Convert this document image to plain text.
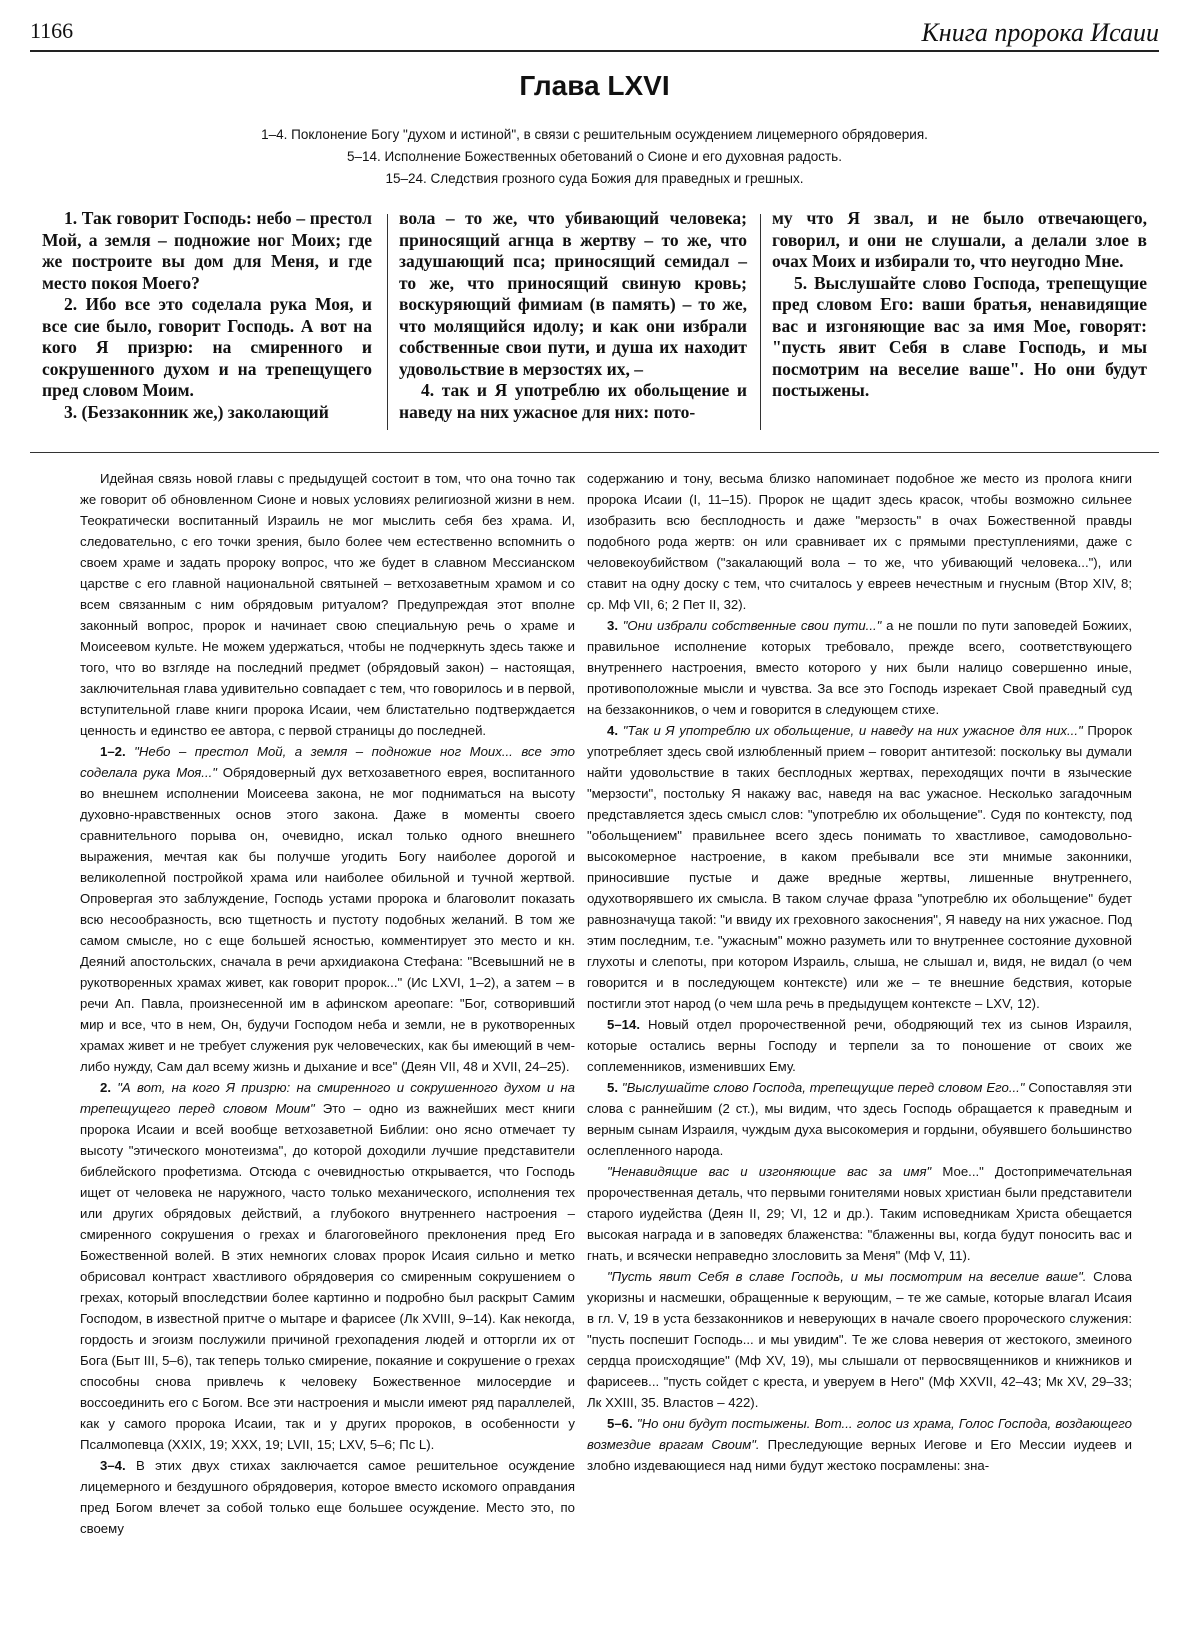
1166	Книга пророка Исаии
Глава LXVI
1–4. Поклонение Богу "духом и истиной", в связи с решительным осуждением лицемерного обрядоверия.
5–14. Исполнение Божественных обетований о Сионе и его духовная радость.
15–24. Следствия грозного суда Божия для праведных и грешных.

1. Так говорит Господь: небо – престол Мой, а земля – подножие ног Моих; где же построите вы дом для Меня, и где место покоя Моего?

2. Ибо все это соделала рука Моя, и все сие было, говорит Господь. А вот на кого Я призрю: на смиренного и сокрушенного духом и на трепещущего пред словом Моим.

3. (Беззаконник же,) заколающий

вола – то же, что убивающий человека; приносящий агнца в жертву – то же, что задушающий пса; приносящий семидал – то же, что приносящий свиную кровь; воскуряющий фимиам (в память) – то же, что молящийся идолу; и как они избрали собственные свои пути, и душа их находит удовольствие в мерзостях их, –

4. так и Я употреблю их обольщение и наведу на них ужасное для них: пото-

му что Я звал, и не было отвечающего, говорил, и они не слушали, а делали злое в очах Моих и избирали то, что неугодно Мне.

5. Выслушайте слово Господа, трепещущие пред словом Его: ваши братья, ненавидящие вас и изгоняющие вас за имя Мое, говорят: "пусть явит Себя в славе Господь, и мы посмотрим на веселие ваше". Но они будут постыжены.

Идейная связь новой главы с предыдущей состоит в том, что она точно так же говорит об обновленном Сионе и новых условиях религиозной жизни в нем. Теократически воспитанный Израиль не мог мыслить себя без храма. И, следовательно, с его точки зрения, было более чем естественно вспомнить о своем храме и задать пророку вопрос, что же будет в славном Мессианском царстве с его главной национальной святыней – ветхозаветным храмом и со всем связанным с ним обрядовым ритуалом? Предупреждая этот вполне законный вопрос, пророк и начинает свою специальную речь о храме и Моисеевом культе. Не можем удержаться, чтобы не подчеркнуть здесь также и того, что во взгляде на последний предмет (обрядовый закон) – настоящая, заключительная глава удивительно совпадает с тем, что говорилось и в первой, вступительной главе книги пророка Исаии, чем блистательно подтверждается ценность и единство ее автора, с первой страницы до последней.

1–2. "Небо – престол Мой, а земля – подножие ног Моих... все это соделала рука Моя..." Обрядоверный дух ветхозаветного еврея, воспитанного во внешнем исполнении Моисеева закона, не мог подниматься на высоту духовно-нравственных основ этого закона. Даже в моменты своего сравнительного порыва он, очевидно, искал только одного внешнего выражения, мечтая как бы получше угодить Богу наиболее дорогой и великолепной постройкой храма или наиболее обильной и тучной жертвой. Опровергая это заблуждение, Господь устами пророка и благоволит показать всю несообразность, всю тщетность и пустоту подобных желаний. В том же самом смысле, но с еще большей ясностью, комментирует это место и кн. Деяний апостольских, сначала в речи архидиакона Стефана: "Всевышний не в рукотворенных храмах живет, как говорит пророк..." (Ис LXVI, 1–2), а затем – в речи Ап. Павла, произнесенной им в афинском ареопаге: "Бог, сотворивший мир и все, что в нем, Он, будучи Господом неба и земли, не в рукотворенных храмах живет и не требует служения рук человеческих, как бы имеющий в чем-либо нужду, Сам дал всему жизнь и дыхание и все" (Деян VII, 48 и XVII, 24–25).

2. "А вот, на кого Я призрю: на смиренного и сокрушенного духом и на трепещущего перед словом Моим" Это – одно из важнейших мест книги пророка Исаии и всей вообще ветхозаветной Библии: оно ясно отмечает ту высоту "этического монотеизма", до которой доходили лучшие представители библейского профетизма. Отсюда с очевидностью открывается, что Господь ищет от человека не наружного, часто только механического, исполнения тех или других обрядовых действий, а глубокого внутреннего настроения – смиренного сокрушения о грехах и благоговейного преклонения пред Его Божественной волей. В этих немногих словах пророк Исаия сильно и метко обрисовал контраст хвастливого обрядоверия со смиренным сокрушением о грехах, который впоследствии более картинно и подробно был раскрыт Самим Господом, в известной притче о мытаре и фарисее (Лк XVIII, 9–14). Как некогда, гордость и эгоизм послужили причиной грехопадения людей и отторгли их от Бога (Быт III, 5–6), так теперь только смирение, покаяние и сокрушение о грехах способны снова привлечь к человеку Божественное милосердие и воссоединить его с Богом. Все эти настроения и мысли имеют ряд параллелей, как у самого пророка Исаии, так и у других пророков, в особенности у Псалмопевца (XXIX, 19; XXX, 19; LVII, 15; LXV, 5–6; Пс L).

3–4. В этих двух стихах заключается самое решительное осуждение лицемерного и бездушного обрядоверия, которое вместо искомого оправдания пред Богом влечет за собой только еще большее осуждение. Место это, по своему

содержанию и тону, весьма близко напоминает подобное же место из пролога книги пророка Исаии (I, 11–15). Пророк не щадит здесь красок, чтобы возможно сильнее изобразить всю бесплодность и даже "мерзость" в очах Божественной правды подобного рода жертв: он или сравнивает их с прямыми преступлениями, даже с человекоубийством ("закалающий вола – то же, что убивающий человека..."), или ставит на одну доску с тем, что считалось у евреев нечестным и гнусным (Втор XIV, 8; ср. Мф VII, 6; 2 Пет II, 32).

3. "Они избрали собственные свои пути..." а не пошли по пути заповедей Божиих, правильное исполнение которых требовало, прежде всего, соответствующего внутреннего настроения, вместо которого у них были налицо совершенно иные, противоположные мысли и чувства. За все это Господь изрекает Свой праведный суд на беззаконников, о чем и говорится в следующем стихе.

4. "Так и Я употреблю их обольщение, и наведу на них ужасное для них..." Пророк употребляет здесь свой излюбленный прием – говорит антитезой: поскольку вы думали найти удовольствие в таких бесплодных жертвах, переходящих почти в языческие "мерзости", постольку Я накажу вас, наведя на вас ужасное. Несколько загадочным представляется здесь смысл слов: "употреблю их обольщение". Судя по контексту, под "обольщением" правильнее всего здесь понимать то хвастливое, самодовольно-высокомерное настроение, в каком пребывали все эти мнимые законники, приносившие пустые и даже вредные жертвы, лишенные внутреннего, одухотворявшего их смысла. В таком случае фраза "употреблю их обольщение" будет равнозначуща такой: "и ввиду их греховного закоснения", Я наведу на них ужасное. Под этим последним, т.е. "ужасным" можно разуметь или то внутреннее состояние духовной глухоты и слепоты, при котором Израиль, слыша, не слышал и, видя, не видал (о чем говорится и в последующем контексте) или же – те внешние бедствия, которые постигли этот народ (о чем шла речь в предыдущем контексте – LXV, 12).

5–14. Новый отдел пророчественной речи, ободряющий тех из сынов Израиля, которые остались верны Господу и терпели за то поношение от своих же соплеменников, изменивших Ему.

5. "Выслушайте слово Господа, трепещущие перед словом Его..." Сопоставляя эти слова с раннейшим (2 ст.), мы видим, что здесь Господь обращается к праведным и верным сынам Израиля, чуждым духа высокомерия и гордыни, обуявшего большинство ослепленного народа.

"Ненавидящие вас и изгоняющие вас за имя" Мое..." Достопримечательная пророчественная деталь, что первыми гонителями новых христиан были представители старого иудейства (Деян II, 29; VI, 12 и др.). Таким исповедникам Христа обещается высокая награда и в заповедях блаженства: "блаженны вы, когда будут поносить вас и гнать, и всячески неправедно злословить за Меня" (Мф V, 11).

"Пусть явит Себя в славе Господь, и мы посмотрим на веселие ваше". Слова укоризны и насмешки, обращенные к верующим, – те же самые, которые влагал Исаия в гл. V, 19 в уста беззаконников и неверующих в начале своего пророческого служения: "пусть поспешит Господь... и мы увидим". Те же слова неверия от жестокого, змеиного сердца происходящие" (Мф XV, 19), мы слышали от первосвященников и книжников и фарисеев... "пусть сойдет с креста, и уверуем в Него" (Мф XXVII, 42–43; Мк XV, 29–33; Лк XXIII, 35. Властов – 422).

5–6. "Но они будут постыжены. Вот... голос из храма, Голос Господа, воздающего возмездие врагам Своим". Преследующие верных Иегове и Его Мессии иудеев и злобно издевающиеся над ними будут жестоко посрамлены: зна-
